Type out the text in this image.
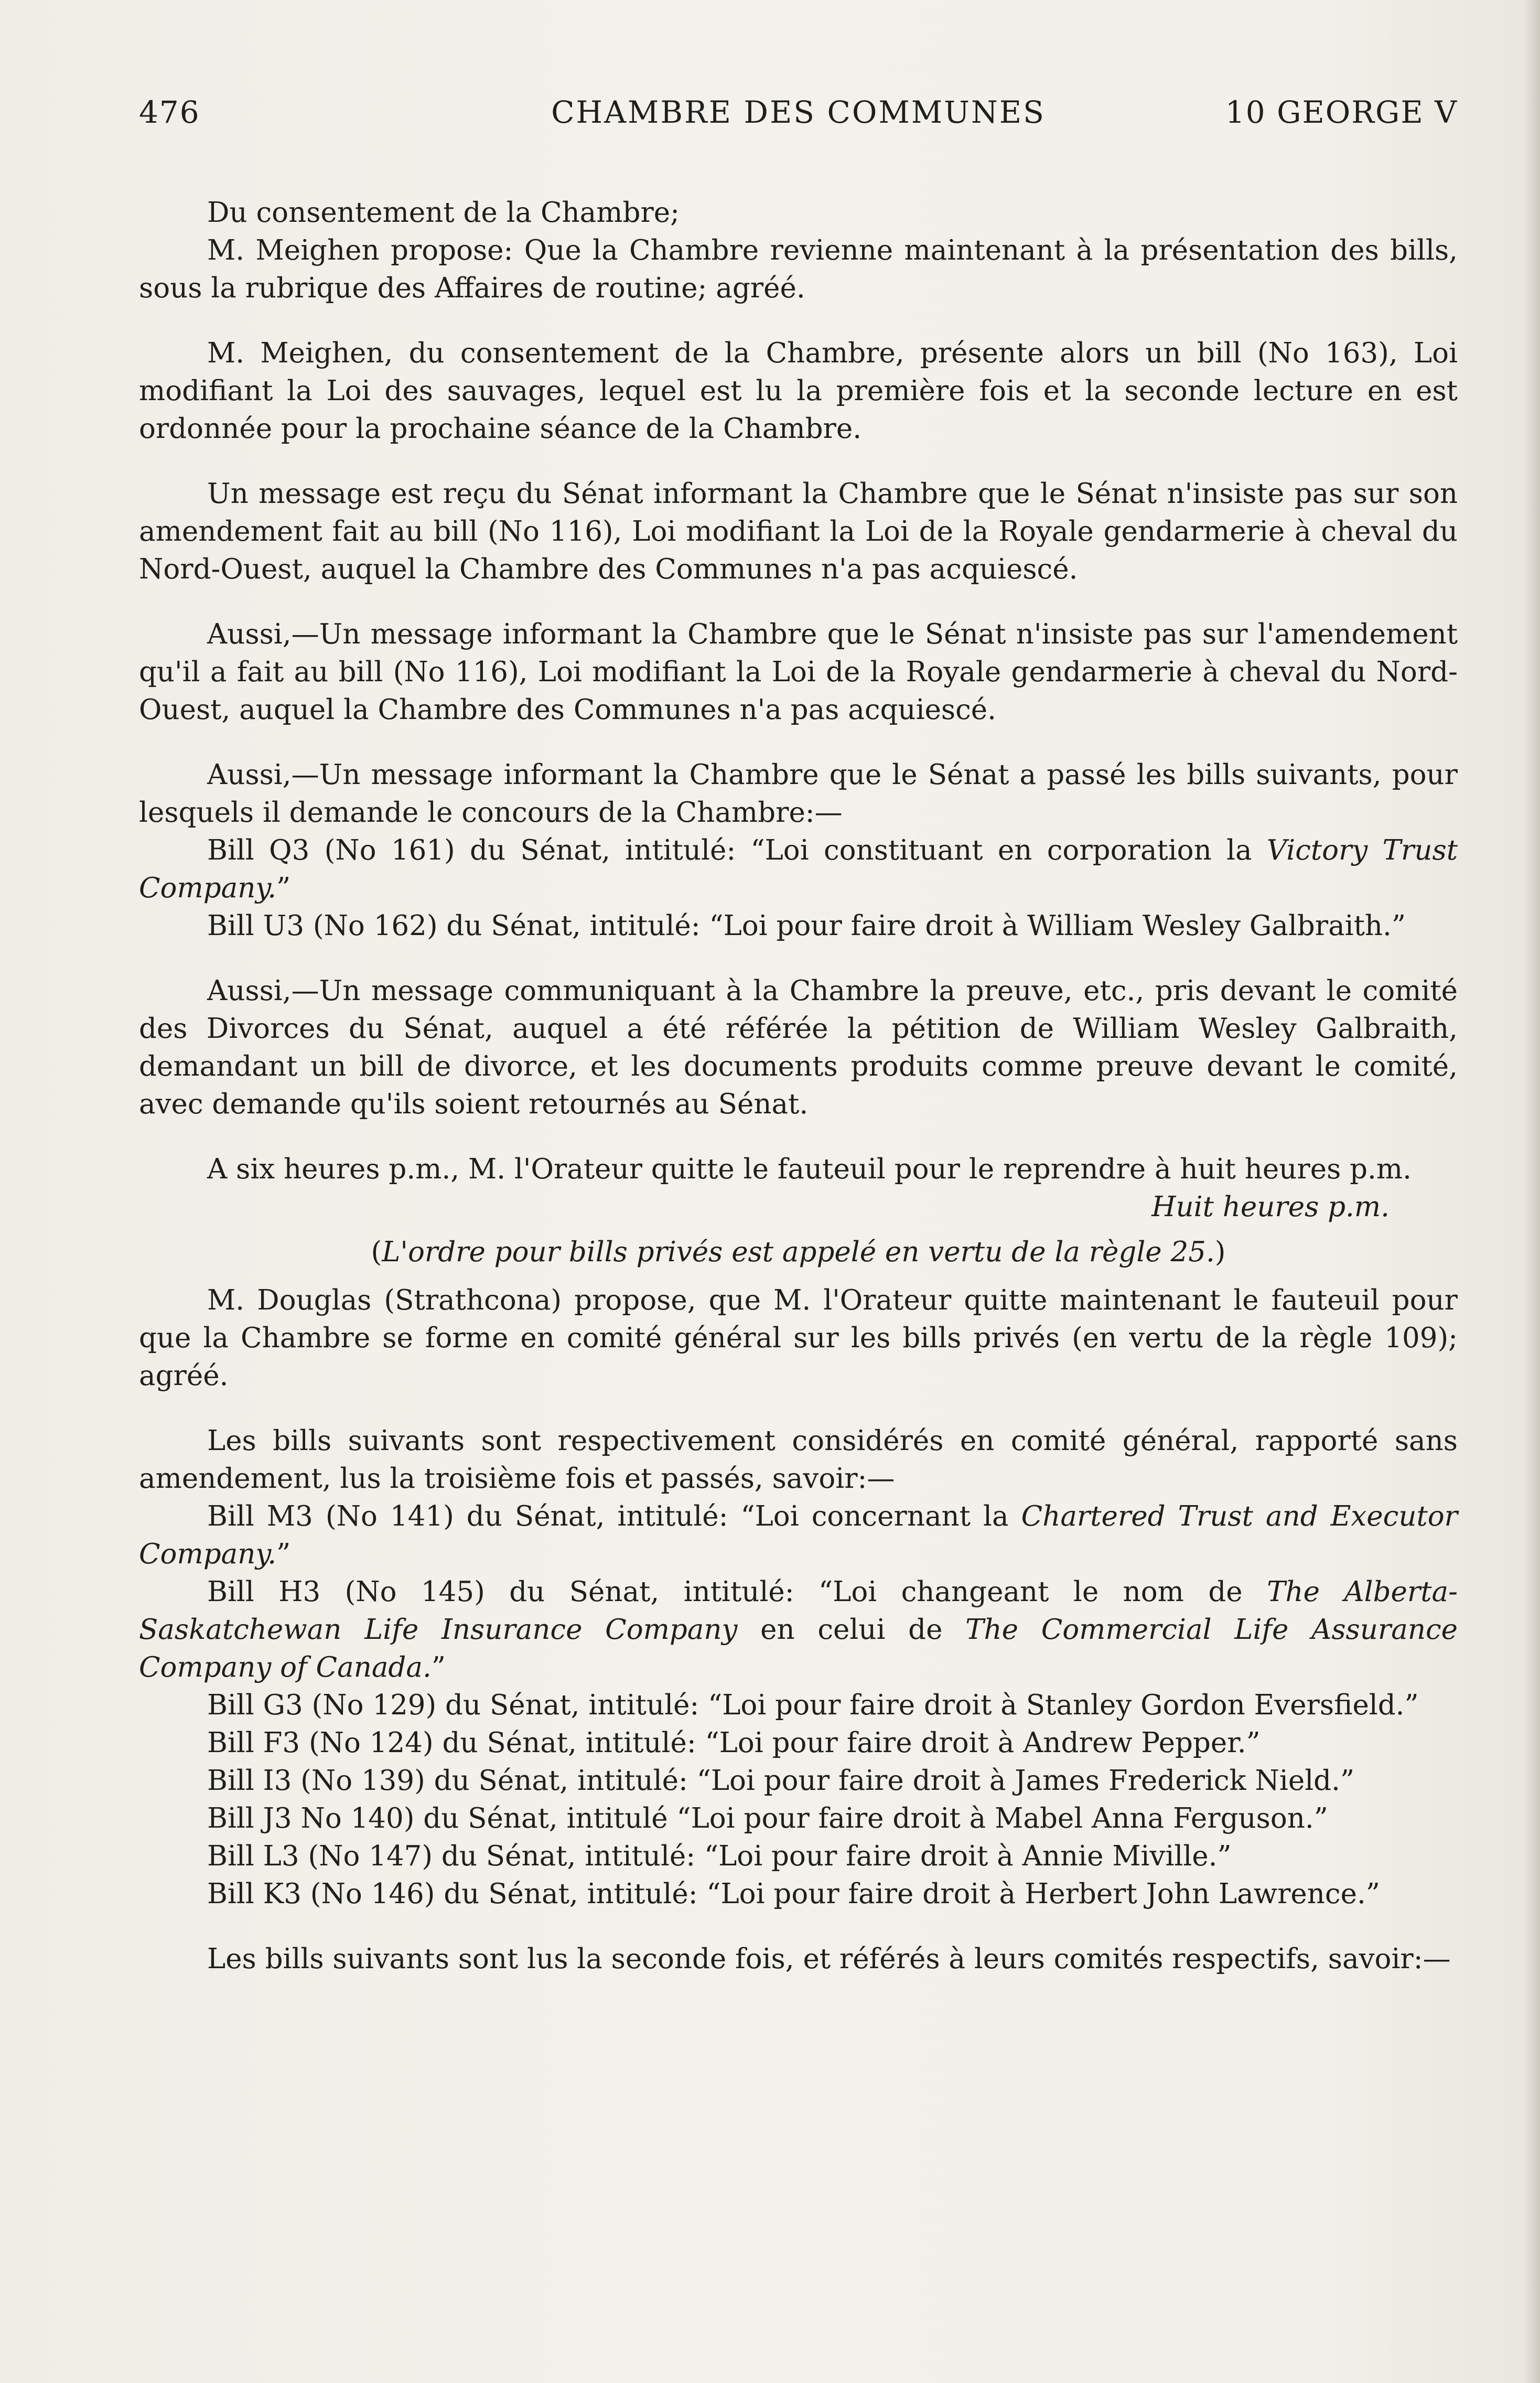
476	CHAMBRE DES COMMUNES	10 GEORGE V

Du consentement de la Chambre;

M. Meighen propose: Que la Chambre revienne maintenant à la présentation des bills, sous la rubrique des Affaires de routine; agréé.

M. Meighen, du consentement de la Chambre, présente alors un bill (No 163), Loi modifiant la Loi des sauvages, lequel est lu la première fois et la seconde lecture en est ordonnée pour la prochaine séance de la Chambre.

Un message est reçu du Sénat informant la Chambre que le Sénat n'insiste pas sur son amendement fait au bill (No 116), Loi modifiant la Loi de la Royale gendarmerie à cheval du Nord-Ouest, auquel la Chambre des Communes n'a pas acquiescé.

Aussi,—Un message informant la Chambre que le Sénat n'insiste pas sur l'amendement qu'il a fait au bill (No 116), Loi modifiant la Loi de la Royale gendarmerie à cheval du Nord-Ouest, auquel la Chambre des Communes n'a pas acquiescé.

Aussi,—Un message informant la Chambre que le Sénat a passé les bills suivants, pour lesquels il demande le concours de la Chambre:—

Bill Q3 (No 161) du Sénat, intitulé: “Loi constituant en corporation la Victory Trust Company.”

Bill U3 (No 162) du Sénat, intitulé: “Loi pour faire droit à William Wesley Galbraith.”

Aussi,—Un message communiquant à la Chambre la preuve, etc., pris devant le comité des Divorces du Sénat, auquel a été référée la pétition de William Wesley Galbraith, demandant un bill de divorce, et les documents produits comme preuve devant le comité, avec demande qu'ils soient retournés au Sénat.

A six heures p.m., M. l'Orateur quitte le fauteuil pour le reprendre à huit heures p.m.

Huit heures p.m.

(L'ordre pour bills privés est appelé en vertu de la règle 25.)

M. Douglas (Strathcona) propose, que M. l'Orateur quitte maintenant le fauteuil pour que la Chambre se forme en comité général sur les bills privés (en vertu de la règle 109); agréé.

Les bills suivants sont respectivement considérés en comité général, rapporté sans amendement, lus la troisième fois et passés, savoir:—

Bill M3 (No 141) du Sénat, intitulé: “Loi concernant la Chartered Trust and Executor Company.”

Bill H3 (No 145) du Sénat, intitulé: “Loi changeant le nom de The Alberta-Saskatchewan Life Insurance Company en celui de The Commercial Life Assurance Company of Canada.”

Bill G3 (No 129) du Sénat, intitulé: “Loi pour faire droit à Stanley Gordon Eversfield.”

Bill F3 (No 124) du Sénat, intitulé: “Loi pour faire droit à Andrew Pepper.”

Bill I3 (No 139) du Sénat, intitulé: “Loi pour faire droit à James Frederick Nield.”

Bill J3 No 140) du Sénat, intitulé “Loi pour faire droit à Mabel Anna Ferguson.”

Bill L3 (No 147) du Sénat, intitulé: “Loi pour faire droit à Annie Miville.”

Bill K3 (No 146) du Sénat, intitulé: “Loi pour faire droit à Herbert John Lawrence.”

Les bills suivants sont lus la seconde fois, et référés à leurs comités respectifs, savoir:—
